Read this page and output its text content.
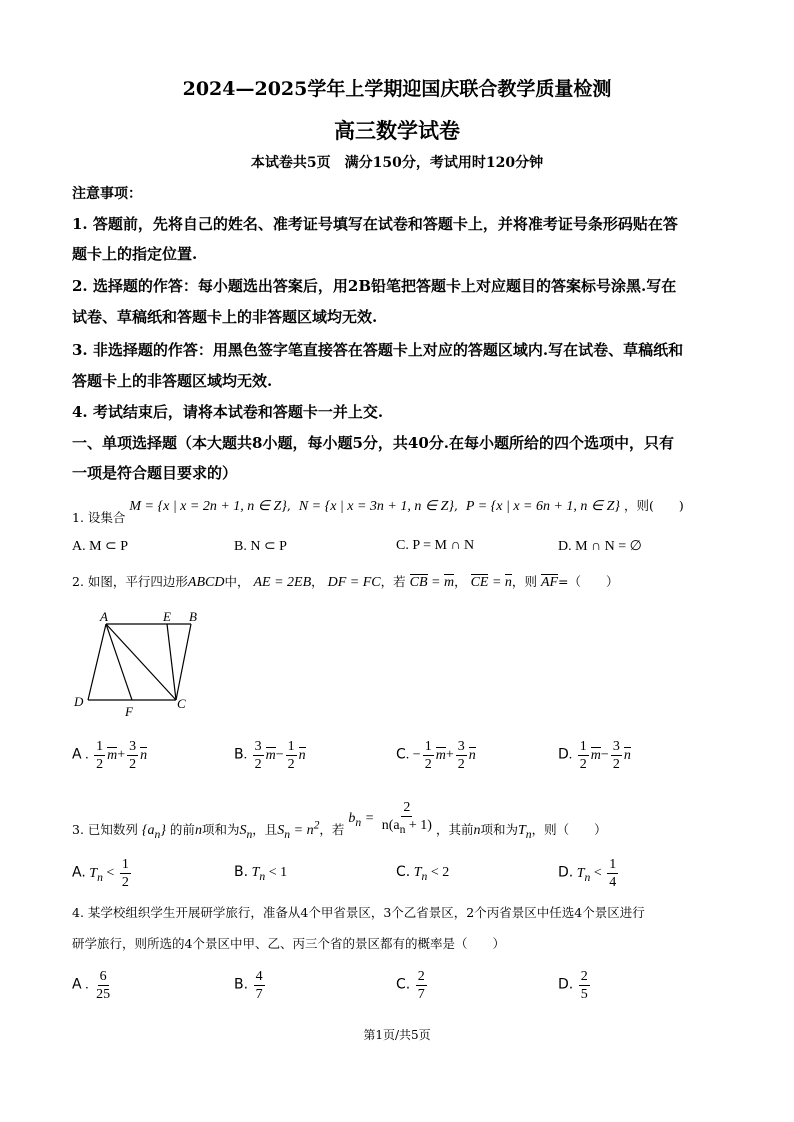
2024—2025学年上学期迎国庆联合教学质量检测
高三数学试卷
本试卷共5页　满分150分，考试用时120分钟
注意事项：
1. 答题前，先将自己的姓名、准考证号填写在试卷和答题卡上，并将准考证号条形码贴在答
题卡上的指定位置.
2. 选择题的作答：每小题选出答案后，用2B铅笔把答题卡上对应题目的答案标号涂黑.写在
试卷、草稿纸和答题卡上的非答题区域均无效.
3. 非选择题的作答：用黑色签字笔直接答在答题卡上对应的答题区域内.写在试卷、草稿纸和
答题卡上的非答题区域均无效.
4. 考试结束后，请将本试卷和答题卡一并上交.
一、单项选择题（本大题共8小题，每小题5分，共40分.在每小题所给的四个选项中，只有
一项是符合题目要求的）
1. 设集合 M = {x | x = 2n + 1, n ∈ Z}, N = {x | x = 3n + 1, n ∈ Z}, P = {x | x = 6n + 1, n ∈ Z} ，则(　　)
A. M ⊂ P	B. N ⊂ P	C. P = M ∩ N	D. M ∩ N = ∅
2. 如图，平行四边形ABCD中， AE = 2EB， DF = FC，若 CB = m， CE = n，则 AF=（　　）
A	E B
D
F
C
A . $\frac{1}{2} m+ \frac{3}{2}$ n	B. $\frac{3}{2} m- \frac{1}{2}$ n	C. − $\frac{1}{2} m+ \frac{3}{2}$ n	D. $\frac{1}{2} m- \frac{3}{2}$ n
3. 已知数列 $\{a_n\}$ 的前n项和为$S_n$，且$S_n = n^2$，若 $b_n = \frac{2}{n(a_n + 1)}$ ，其前n项和为$T_n$，则（　　）
A. $T_n < \frac{1}{2}$	B. $T_n < 1$	C. $T_n < 2$	D. $T_n < \frac{1}{4}$
4. 某学校组织学生开展研学旅行，准备从4个甲省景区，3个乙省景区，2个丙省景区中任选4个景区进行
研学旅行，则所选的4个景区中甲、乙、丙三个省的景区都有的概率是（　　）
A . $\frac{6}{25}$	B. $\frac{4}{7}$	C. $\frac{2}{7}$	D. $\frac{2}{5}$
第1页/共5页
